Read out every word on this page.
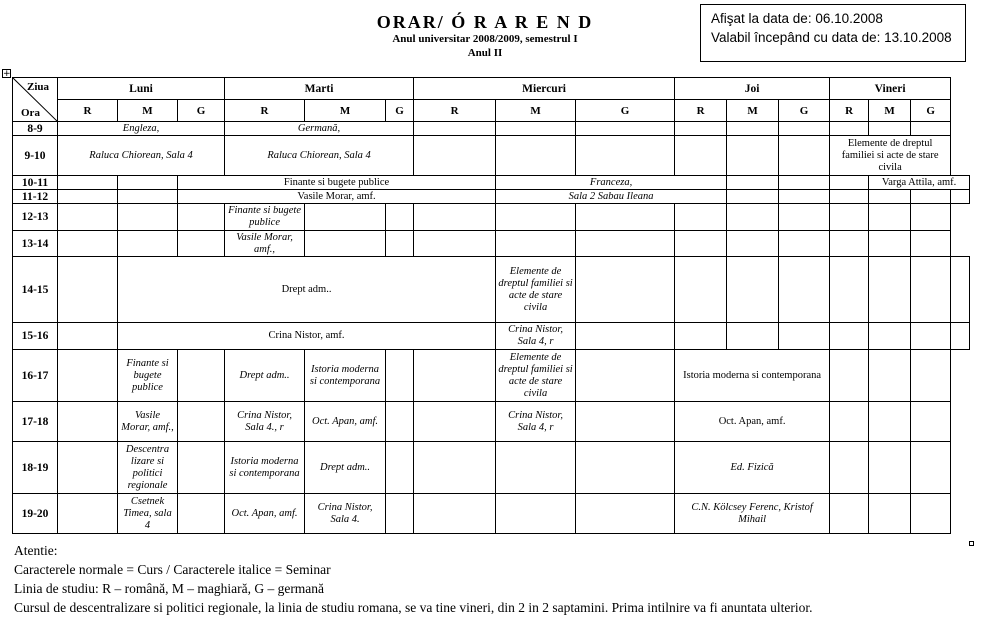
ORAR/ Ó R A R E N D
Anul universitar 2008/2009, semestrul I
Anul II
Afişat la data de: 06.10.2008
Valabil începând cu data de: 13.10.2008
+
Ziua
Ora	Luni			Marti			Miercuri			Joi			Vineri			
	R	M	G	R	M	G	R	M	G	R	M	G	R	M	G	
8-9	Engleza,			Germană,												
9-10	Raluca Chiorean, Sala 4			Raluca Chiorean, Sala 4									Elemente de dreptul familiei si acte de stare civila			
10-11			Finante si bugete publice					Franceza,						Varga Attila, amf.		
11-12			Vasile Morar, amf.					Sala 2 Sabau Ileana								
12-13				Finante si bugete publice												
13-14				Vasile Morar, amf.,												
14-15		Drept adm..						Elemente de dreptul familiei si acte de stare civila								
15-16		Crina Nistor, amf.						Crina Nistor, Sala 4, r								
16-17		Finante si bugete publice		Drept adm..	Istoria moderna si contemporana			Elemente de dreptul familiei si acte de stare civila		Istoria moderna si contemporana						
17-18		Vasile Morar, amf.,		Crina Nistor, Sala 4., r	Oct. Apan, amf.			Crina Nistor, Sala 4, r		Oct. Apan, amf.						
18-19		Descentra lizare si politici regionale		Istoria moderna si contemporana	Drept adm..					Ed. Fizică						
19-20		Csetnek Timea, sala 4		Oct. Apan, amf.	Crina Nistor, Sala 4.					C.N. Kölcsey Ferenc, Kristof Mihail						
Atentie:
Caracterele normale = Curs / Caracterele italice = Seminar
Linia de studiu: R – română, M – maghiară, G – germană
Cursul de descentralizare si politici regionale, la linia de studiu romana, se va tine vineri, din 2 in 2 saptamini. Prima intilnire va fi anuntata ulterior.
